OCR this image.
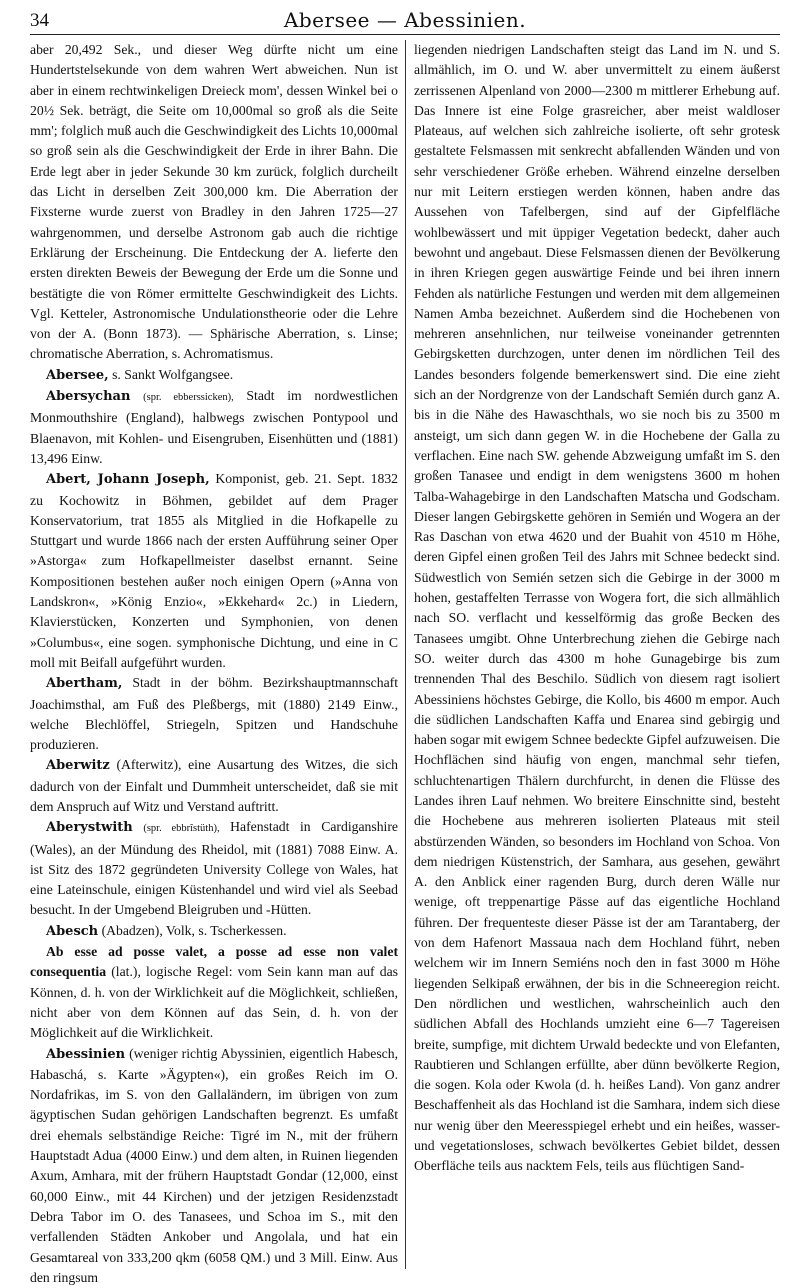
34	Abersee — Abessinien.

aber 20,492 Sek., und dieser Weg dürfte nicht um eine Hundertstelsekunde von dem wahren Wert abweichen. Nun ist aber in einem rechtwinkeligen Dreieck mom', dessen Winkel bei o 20½ Sek. beträgt, die Seite om 10,000mal so groß als die Seite mm'; folglich muß auch die Geschwindigkeit des Lichts 10,000mal so groß sein als die Geschwindigkeit der Erde in ihrer Bahn. Die Erde legt aber in jeder Sekunde 30 km zurück, folglich durcheilt das Licht in derselben Zeit 300,000 km. Die Aberration der Fixsterne wurde zuerst von Bradley in den Jahren 1725—27 wahrgenommen, und derselbe Astronom gab auch die richtige Erklärung der Erscheinung. Die Entdeckung der A. lieferte den ersten direkten Beweis der Bewegung der Erde um die Sonne und bestätigte die von Römer ermittelte Geschwindigkeit des Lichts. Vgl. Ketteler, Astronomische Undulationstheorie oder die Lehre von der A. (Bonn 1873). — Sphärische Aberration, s. Linse; chromatische Aberration, s. Achromatismus.

Abersee, s. Sankt Wolfgangsee.

Abersychan (spr. ebberssicken), Stadt im nordwestlichen Monmouthshire (England), halbwegs zwischen Pontypool und Blaenavon, mit Kohlen- und Eisengruben, Eisenhütten und (1881) 13,496 Einw.

Abert, Johann Joseph, Komponist, geb. 21. Sept. 1832 zu Kochowitz in Böhmen, gebildet auf dem Prager Konservatorium, trat 1855 als Mitglied in die Hofkapelle zu Stuttgart und wurde 1866 nach der ersten Aufführung seiner Oper »Astorga« zum Hofkapellmeister daselbst ernannt. Seine Kompositionen bestehen außer noch einigen Opern (»Anna von Landskron«, »König Enzio«, »Ekkehard« 2c.) in Liedern, Klavierstücken, Konzerten und Symphonien, von denen »Columbus«, eine sogen. symphonische Dichtung, und eine in C moll mit Beifall aufgeführt wurden.

Abertham, Stadt in der böhm. Bezirkshauptmannschaft Joachimsthal, am Fuß des Pleßbergs, mit (1880) 2149 Einw., welche Blechlöffel, Striegeln, Spitzen und Handschuhe produzieren.

Aberwitz (Afterwitz), eine Ausartung des Witzes, die sich dadurch von der Einfalt und Dummheit unterscheidet, daß sie mit dem Anspruch auf Witz und Verstand auftritt.

Aberystwith (spr. ebbrîstüth), Hafenstadt in Cardiganshire (Wales), an der Mündung des Rheidol, mit (1881) 7088 Einw. A. ist Sitz des 1872 gegründeten University College von Wales, hat eine Lateinschule, einigen Küstenhandel und wird viel als Seebad besucht. In der Umgebend Bleigruben und -Hütten.

Abesch (Abadzen), Volk, s. Tscherkessen.

Ab esse ad posse valet, a posse ad esse non valet consequentia (lat.), logische Regel: vom Sein kann man auf das Können, d. h. von der Wirklichkeit auf die Möglichkeit, schließen, nicht aber von dem Können auf das Sein, d. h. von der Möglichkeit auf die Wirklichkeit.

Abessinien (weniger richtig Abyssinien, eigentlich Habesch, Habaschá, s. Karte »Ägypten«), ein großes Reich im O. Nordafrikas, im S. von den Gallaländern, im übrigen von zum ägyptischen Sudan gehörigen Landschaften begrenzt. Es umfaßt drei ehemals selbständige Reiche: Tigré im N., mit der frühern Hauptstadt Adua (4000 Einw.) und dem alten, in Ruinen liegenden Axum, Amhara, mit der frühern Hauptstadt Gondar (12,000, einst 60,000 Einw., mit 44 Kirchen) und der jetzigen Residenzstadt Debra Tabor im O. des Tanasees, und Schoa im S., mit den verfallenden Städten Ankober und Angolala, und hat ein Gesamtareal von 333,200 qkm (6058 QM.) und 3 Mill. Einw. Aus den ringsum

liegenden niedrigen Landschaften steigt das Land im N. und S. allmählich, im O. und W. aber unvermittelt zu einem äußerst zerrissenen Alpenland von 2000—2300 m mittlerer Erhebung auf. Das Innere ist eine Folge grasreicher, aber meist waldloser Plateaus, auf welchen sich zahlreiche isolierte, oft sehr grotesk gestaltete Felsmassen mit senkrecht abfallenden Wänden und von sehr verschiedener Größe erheben. Während einzelne derselben nur mit Leitern erstiegen werden können, haben andre das Aussehen von Tafelbergen, sind auf der Gipfelfläche wohlbewässert und mit üppiger Vegetation bedeckt, daher auch bewohnt und angebaut. Diese Felsmassen dienen der Bevölkerung in ihren Kriegen gegen auswärtige Feinde und bei ihren innern Fehden als natürliche Festungen und werden mit dem allgemeinen Namen Amba bezeichnet. Außerdem sind die Hochebenen von mehreren ansehnlichen, nur teilweise voneinander getrennten Gebirgsketten durchzogen, unter denen im nördlichen Teil des Landes besonders folgende bemerkenswert sind. Die eine zieht sich an der Nordgrenze von der Landschaft Semién durch ganz A. bis in die Nähe des Hawaschthals, wo sie noch bis zu 3500 m ansteigt, um sich dann gegen W. in die Hochebene der Galla zu verflachen. Eine nach SW. gehende Abzweigung umfaßt im S. den großen Tanasee und endigt in dem wenigstens 3600 m hohen Talba-Wahagebirge in den Landschaften Matscha und Godscham. Dieser langen Gebirgskette gehören in Semién und Wogera an der Ras Daschan von etwa 4620 und der Buahit von 4510 m Höhe, deren Gipfel einen großen Teil des Jahrs mit Schnee bedeckt sind. Südwestlich von Semién setzen sich die Gebirge in der 3000 m hohen, gestaffelten Terrasse von Wogera fort, die sich allmählich nach SO. verflacht und kesselförmig das große Becken des Tanasees umgibt. Ohne Unterbrechung ziehen die Gebirge nach SO. weiter durch das 4300 m hohe Gunagebirge bis zum trennenden Thal des Beschilo. Südlich von diesem ragt isoliert Abessiniens höchstes Gebirge, die Kollo, bis 4600 m empor. Auch die südlichen Landschaften Kaffa und Enarea sind gebirgig und haben sogar mit ewigem Schnee bedeckte Gipfel aufzuweisen. Die Hochflächen sind häufig von engen, manchmal sehr tiefen, schluchtenartigen Thälern durchfurcht, in denen die Flüsse des Landes ihren Lauf nehmen. Wo breitere Einschnitte sind, besteht die Hochebene aus mehreren isolierten Plateaus mit steil abstürzenden Wänden, so besonders im Hochland von Schoa. Von dem niedrigen Küstenstrich, der Samhara, aus gesehen, gewährt A. den Anblick einer ragenden Burg, durch deren Wälle nur wenige, oft treppenartige Pässe auf das eigentliche Hochland führen. Der frequenteste dieser Pässe ist der am Tarantaberg, der von dem Hafenort Massaua nach dem Hochland führt, neben welchem wir im Innern Semiéns noch den in fast 3000 m Höhe liegenden Selkipaß erwähnen, der bis in die Schneeregion reicht. Den nördlichen und westlichen, wahrscheinlich auch den südlichen Abfall des Hochlands umzieht eine 6—7 Tagereisen breite, sumpfige, mit dichtem Urwald bedeckte und von Elefanten, Raubtieren und Schlangen erfüllte, aber dünn bevölkerte Region, die sogen. Kola oder Kwola (d. h. heißes Land). Von ganz andrer Beschaffenheit als das Hochland ist die Samhara, indem sich diese nur wenig über den Meeresspiegel erhebt und ein heißes, wasser- und vegetationsloses, schwach bevölkertes Gebiet bildet, dessen Oberfläche teils aus nacktem Fels, teils aus flüchtigen Sand-
